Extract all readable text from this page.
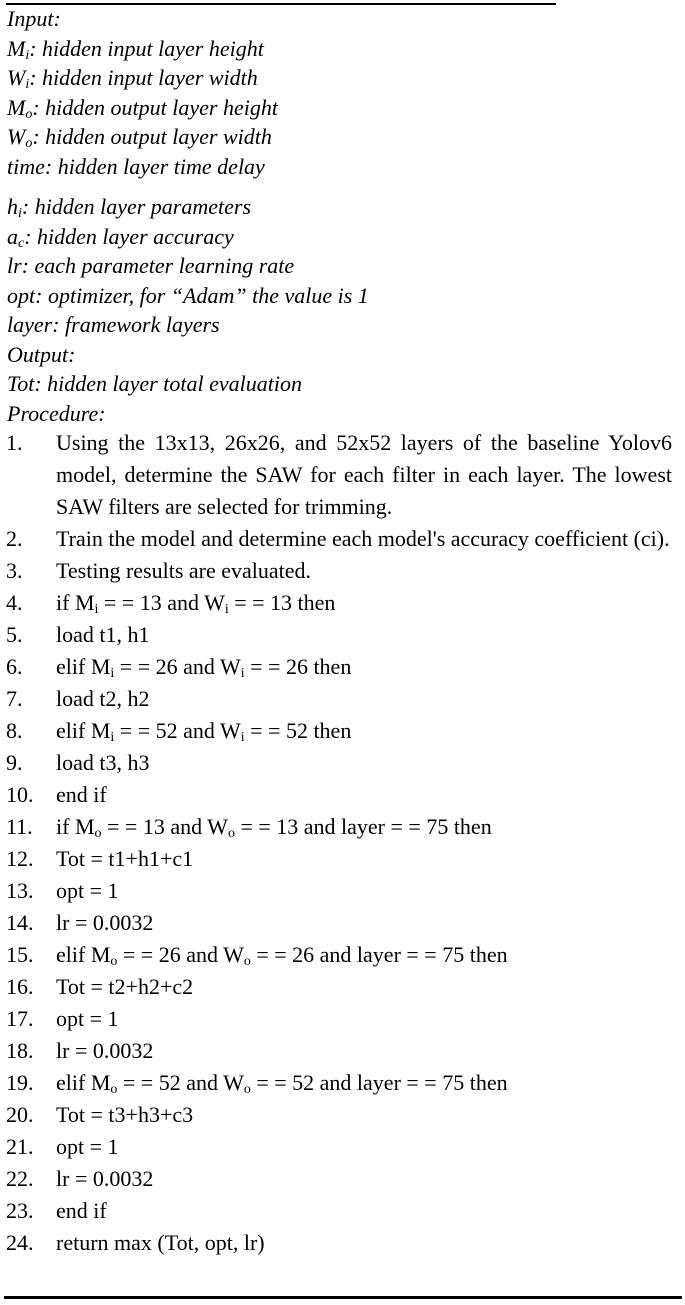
Input:
$M_i$: hidden input layer height
$W_i$: hidden input layer width
$M_o$: hidden output layer height
$W_o$: hidden output layer width
time: hidden layer time delay
$h_i$: hidden layer parameters
$a_c$: hidden layer accuracy
lr: each parameter learning rate
opt: optimizer, for “Adam” the value is 1
layer: framework layers
Output:
Tot: hidden layer total evaluation
Procedure:
1. Using the 13x13, 26x26, and 52x52 layers of the baseline Yolov6 model, determine the SAW for each filter in each layer. The lowest SAW filters are selected for trimming.
2. Train the model and determine each model's accuracy coefficient (ci).
3. Testing results are evaluated.
4. if $M_i$ = = 13 and $W_i$ = = 13 then
5. load t1, h1
6. elif $M_i$ = = 26 and $W_i$ = = 26 then
7. load t2, h2
8. elif $M_i$ = = 52 and $W_i$ = = 52 then
9. load t3, h3
10. end if
11. if $M_o$ = = 13 and $W_o$ = = 13 and layer = = 75 then
12. Tot = t1+h1+c1
13. opt = 1
14. lr = 0.0032
15. elif $M_o$ = = 26 and $W_o$ = = 26 and layer = = 75 then
16. Tot = t2+h2+c2
17. opt = 1
18. lr = 0.0032
19. elif $M_o$ = = 52 and $W_o$ = = 52 and layer = = 75 then
20. Tot = t3+h3+c3
21. opt = 1
22. lr = 0.0032
23. end if
24. return max (Tot, opt, lr)
